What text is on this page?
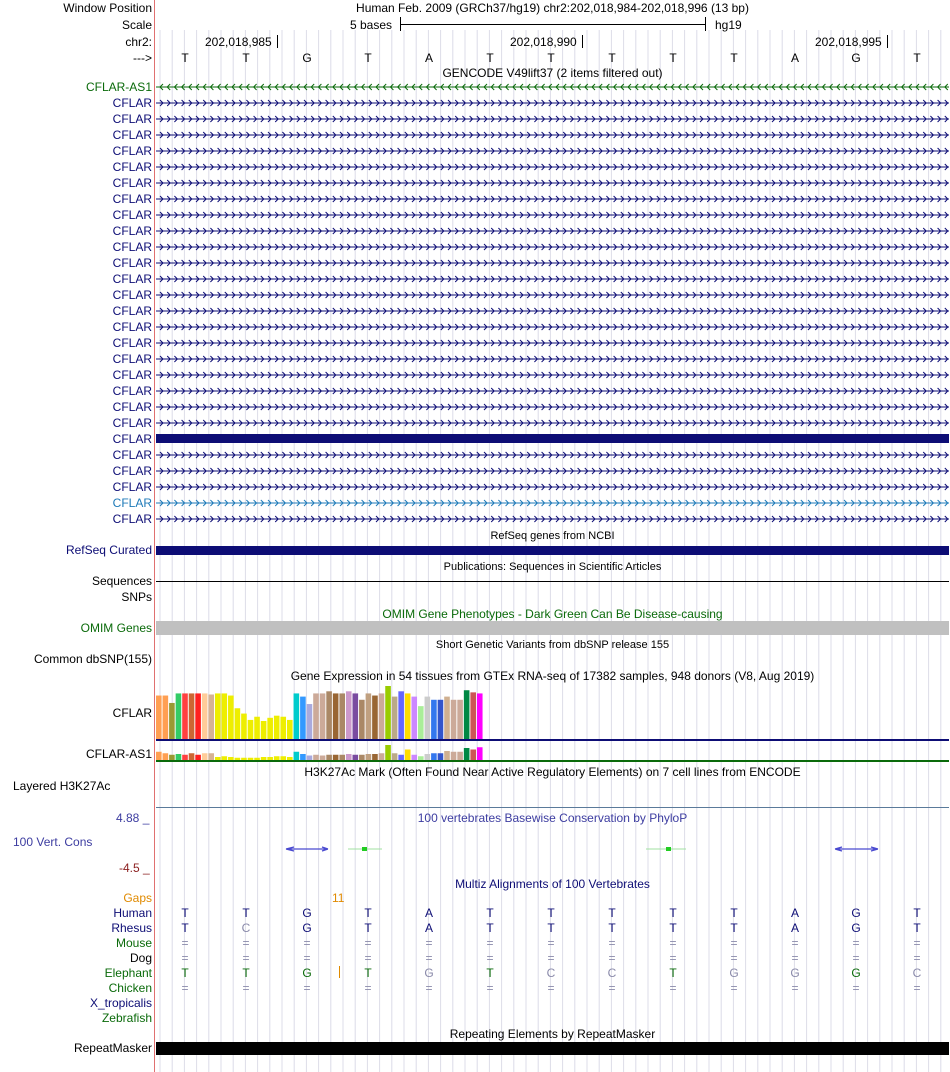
Window Position	Human Feb. 2009 (GRCh37/hg19) chr2:202,018,984-202,018,996 (13 bp)
Scale	5 bases	hg19
chr2:	202,018,985	202,018,990	202,018,995
---> T	T	G	T	A	T	T	T	T	T	A	G	T
GENCODE V49lift37 (2 items filtered out)
CFLAR-AS1
CFLAR
CFLAR
CFLAR
CFLAR
CFLAR
CFLAR
CFLAR
CFLAR
CFLAR
CFLAR
CFLAR
CFLAR
CFLAR
CFLAR
CFLAR
CFLAR
CFLAR
CFLAR
CFLAR
CFLAR
CFLAR
CFLAR
CFLAR
CFLAR
CFLAR
CFLAR
CFLAR
RefSeq genes from NCBI
RefSeq Curated
Publications: Sequences in Scientific Articles
Sequences
SNPs
OMIM Gene Phenotypes - Dark Green Can Be Disease-causing
OMIM Genes
Short Genetic Variants from dbSNP release 155
Common dbSNP(155)
Gene Expression in 54 tissues from GTEx RNA-seq of 17382 samples, 948 donors (V8, Aug 2019)
CFLAR
CFLAR-AS1
H3K27Ac Mark (Often Found Near Active Regulatory Elements) on 7 cell lines from ENCODE
Layered H3K27Ac
100 vertebrates Basewise Conservation by PhyloP
4.88 _
100 Vert. Cons
-4.5 _
Multiz Alignments of 100 Vertebrates
Gaps	11
Human T	T	G	T	A	T	T	T	T	T	A	G	T
Rhesus T	C	G	T	A	T	T	T	T	T	A	G	T
Mouse =	=	=	=	=	=	=	=	=	=	=	=	=
Dog =	=	=	=	=	=	=	=	=	=	=	=	=
Elephant T	T	G	T	G	T	C	C	T	G	G	G	C
Chicken =	=	=	=	=	=	=	=	=	=	=	=	=
X_tropicalis
Zebrafish
Repeating Elements by RepeatMasker
RepeatMasker
